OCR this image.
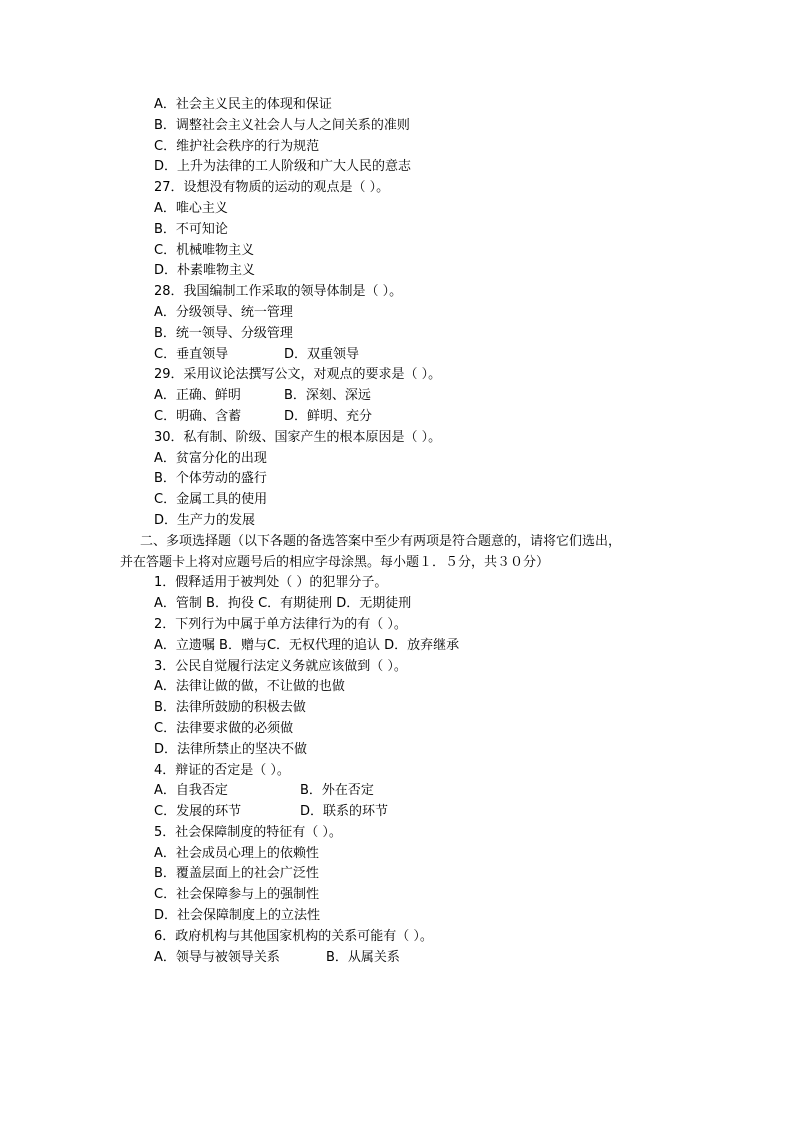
A．社会主义民主的体现和保证
B．调整社会主义社会人与人之间关系的准则
C．维护社会秩序的行为规范
D．上升为法律的工人阶级和广大人民的意志
27．设想没有物质的运动的观点是（ ）。
A．唯心主义
B．不可知论
C．机械唯物主义
D．朴素唯物主义
28．我国编制工作采取的领导体制是（ ）。
A．分级领导、统一管理
B．统一领导、分级管理
C．垂直领导	D．双重领导
29．采用议论法撰写公文，对观点的要求是（ ）。
A．正确、鲜明	B．深刻、深远
C．明确、含蓄	D．鲜明、充分
30．私有制、阶级、国家产生的根本原因是（ ）。
A．贫富分化的出现
B．个体劳动的盛行
C．金属工具的使用
D．生产力的发展
二、多项选择题（以下各题的备选答案中至少有两项是符合题意的，请将它们选出，
并在答题卡上将对应题号后的相应字母涂黑。每小题１．５分，共３０分）
1．假释适用于被判处（ ）的犯罪分子。
A．管制 B．拘役 C．有期徒刑 D．无期徒刑
2．下列行为中属于单方法律行为的有（ ）。
A．立遗嘱 B．赠与C．无权代理的追认 D．放弃继承
3．公民自觉履行法定义务就应该做到（ ）。
A．法律让做的做，不让做的也做
B．法律所鼓励的积极去做
C．法律要求做的必须做
D．法律所禁止的坚决不做
4．辩证的否定是（ ）。
A．自我否定	B．外在否定
C．发展的环节	D．联系的环节
5．社会保障制度的特征有（ ）。
A．社会成员心理上的依赖性
B．覆盖层面上的社会广泛性
C．社会保障参与上的强制性
D．社会保障制度上的立法性
6．政府机构与其他国家机构的关系可能有（ ）。
A．领导与被领导关系	B．从属关系
